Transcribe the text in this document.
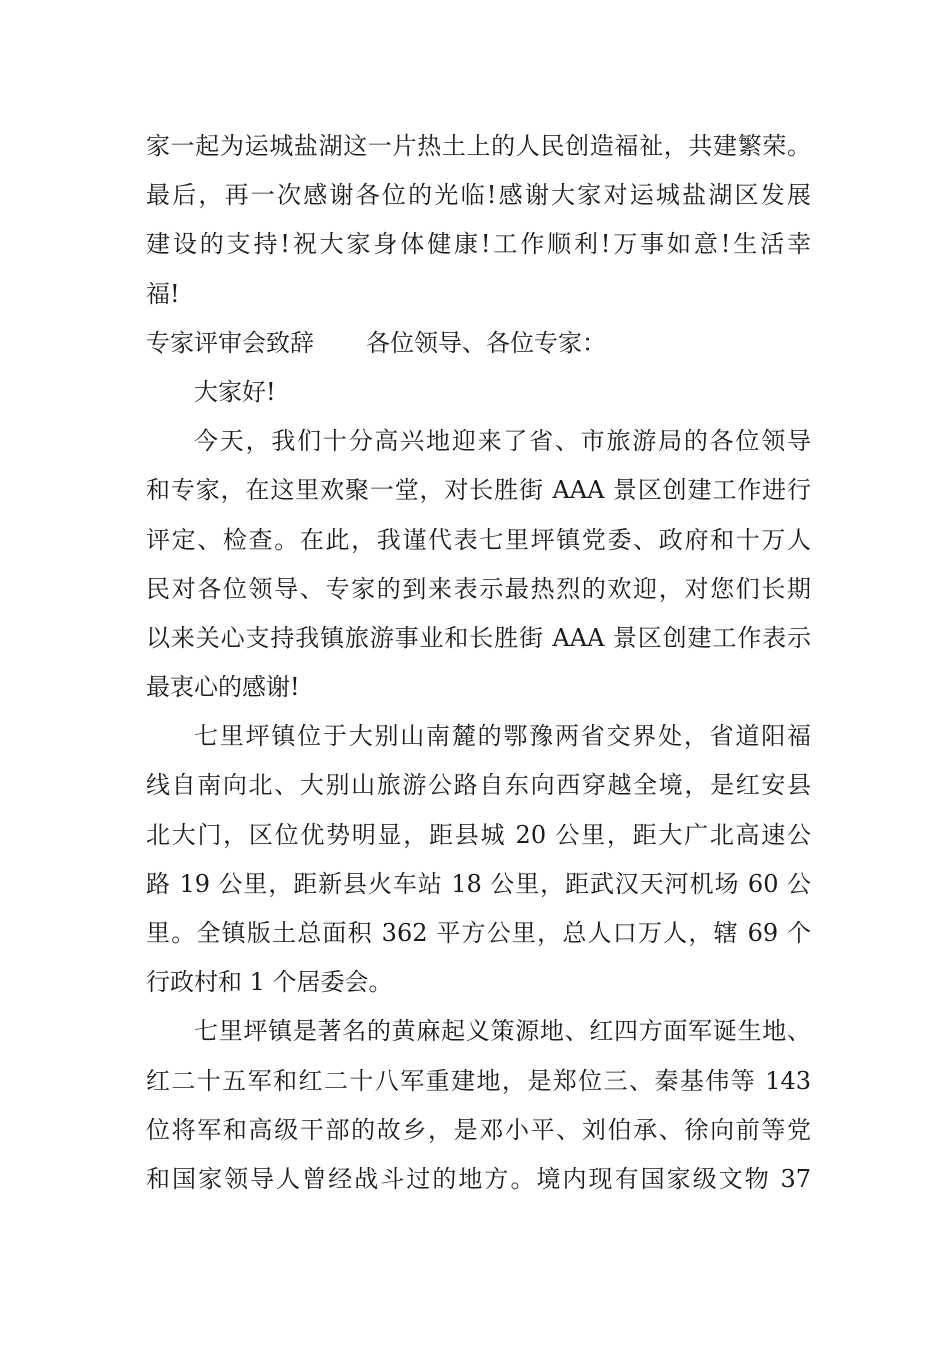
家一起为运城盐湖这一片热土上的人民创造福祉，共建繁荣。
最后，再一次感谢各位的光临!感谢大家对运城盐湖区发展
建设的支持!祝大家身体健康!工作顺利!万事如意!生活幸
福!
专家评审会致辞 各位领导、各位专家：
大家好!
今天，我们十分高兴地迎来了省、市旅游局的各位领导
和专家，在这里欢聚一堂，对长胜街 AAA 景区创建工作进行
评定、检查。在此，我谨代表七里坪镇党委、政府和十万人
民对各位领导、专家的到来表示最热烈的欢迎，对您们长期
以来关心支持我镇旅游事业和长胜街 AAA 景区创建工作表示
最衷心的感谢!
七里坪镇位于大别山南麓的鄂豫两省交界处，省道阳福
线自南向北、大别山旅游公路自东向西穿越全境，是红安县
北大门，区位优势明显，距县城 20 公里，距大广北高速公
路 19 公里，距新县火车站 18 公里，距武汉天河机场 60 公
里。全镇版土总面积 362 平方公里，总人口万人，辖 69 个
行政村和 1 个居委会。
七里坪镇是著名的黄麻起义策源地、红四方面军诞生地、
红二十五军和红二十八军重建地，是郑位三、秦基伟等 143
位将军和高级干部的故乡，是邓小平、刘伯承、徐向前等党
和国家领导人曾经战斗过的地方。境内现有国家级文物 37
